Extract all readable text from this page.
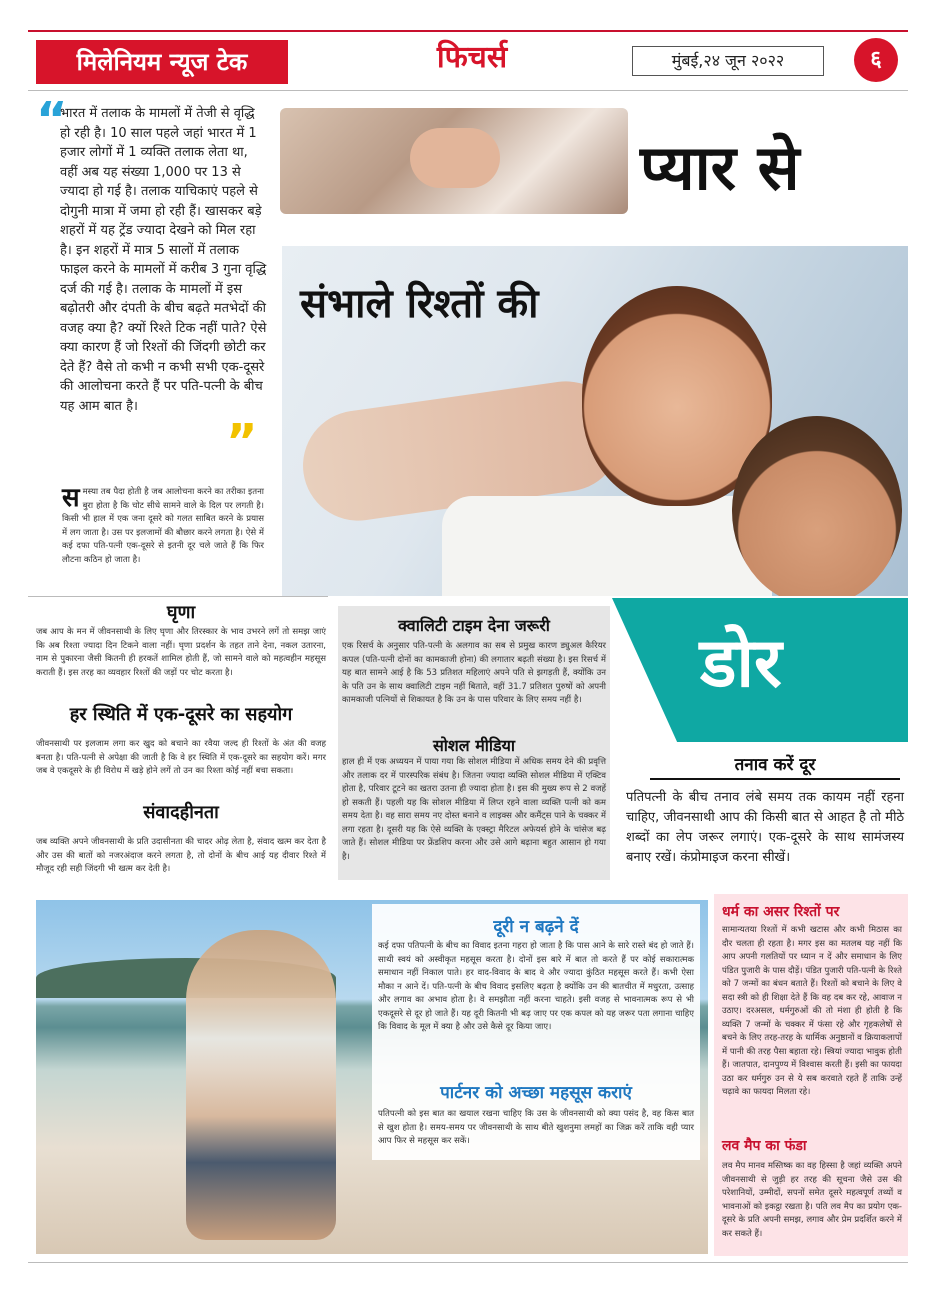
मिलेनियम न्यूज टेक	फिचर्स	मुंबई,२४ जून २०२२	६
“
भारत में तलाक के मामलों में तेजी से वृद्धि हो रही है। 10 साल पहले जहां भारत में 1 हजार लोगों में 1 व्यक्ति तलाक लेता था, वहीं अब यह संख्या 1,000 पर 13 से ज्यादा हो गई है। तलाक याचिकाएं पहले से दोगुनी मात्रा में जमा हो रही हैं। खासकर बड़े शहरों में यह ट्रेंड ज्यादा देखने को मिल रहा है। इन शहरों में मात्र 5 सालों में तलाक फाइल करने के मामलों में करीब 3 गुना वृद्धि दर्ज की गई है। तलाक के मामलों में इस बढ़ोतरी और दंपती के बीच बढ़ते मतभेदों की वजह क्या है? क्यों रिश्ते टिक नहीं पाते? ऐसे क्या कारण हैं जो रिश्तों की जिंदगी छोटी कर देते हैं? वैसे तो कभी न कभी सभी एक-दूसरे की आलोचना करते हैं पर पति-पत्नी के बीच यह आम बात है।
”
प्यार से
संभाले रिश्तों की
समस्या तब पैदा होती है जब आलोचना करने का तरीका इतना बुरा होता है कि चोट सीधे सामने वाले के दिल पर लगती है। किसी भी हाल में एक जना दूसरे को गलत साबित करने के प्रयास में लग जाता है। उस पर इलजामों की बौछार करने लगता है। ऐसे में कई दफा पति-पत्नी एक-दूसरे से इतनी दूर चले जाते हैं कि फिर लौटना कठिन हो जाता है।
घृणा
जब आप के मन में जीवनसाथी के लिए घृणा और तिरस्कार के भाव उभरने लगें तो समझ जाएं कि अब रिश्ता ज्यादा दिन टिकने वाला नहीं। घृणा प्रदर्शन के तहत ताने देना, नकल उतारना, नाम से पुकारना जैसी कितनी ही हरकतें शामिल होती हैं, जो सामने वाले को महत्वहीन महसूस कराती हैं। इस तरह का व्यवहार रिश्तों की जड़ों पर चोट करता है।
हर स्थिति में एक-दूसरे का सहयोग
जीवनसाथी पर इलजाम लगा कर खुद को बचाने का रवैया जल्द ही रिश्तों के अंत की वजह बनता है। पति-पत्नी से अपेक्षा की जाती है कि वे हर स्थिति में एक-दूसरे का सहयोग करें। मगर जब वे एकदूसरे के ही विरोध में खड़े होने लगें तो उन का रिश्ता कोई नहीं बचा सकता।
संवादहीनता
जब व्यक्ति अपने जीवनसाथी के प्रति उदासीनता की चादर ओढ़ लेता है, संवाद खत्म कर देता है और उस की बातों को नजरअंदाज करने लगता है, तो दोनों के बीच आई यह दीवार रिश्ते में मौजूद रही सही जिंदगी भी खत्म कर देती है।
क्वालिटी टाइम देना जरूरी
एक रिसर्च के अनुसार पति-पत्नी के अलगाव का सब से प्रमुख कारण ड्युअल कैरियर कपल (पति-पत्नी दोनों का कामकाजी होना) की लगातार बढ़ती संख्या है। इस रिसर्च में यह बात सामने आई है कि 53 प्रतिशत महिलाएं अपने पति से झगड़ती हैं, क्योंकि उन के पति उन के साथ क्वालिटी टाइम नहीं बिताते, वहीं 31.7 प्रतिशत पुरुषों को अपनी कामकाजी पत्नियों से शिकायत है कि उन के पास परिवार के लिए समय नहीं है।
सोशल मीडिया
हाल ही में एक अध्ययन में पाया गया कि सोशल मीडिया में अधिक समय देने की प्रवृत्ति और तलाक दर में पारस्परिक संबंध है। जितना ज्यादा व्यक्ति सोशल मीडिया में एक्टिव होता है, परिवार टूटने का खतरा उतना ही ज्यादा होता है। इस की मुख्य रूप से 2 वजहें हो सकती हैं। पहली यह कि सोशल मीडिया में लिप्त रहने वाला व्यक्ति पत्नी को कम समय देता है। वह सारा समय नए दोस्त बनाने व लाइक्स और कमैंट्स पाने के चक्कर में लगा रहता है। दूसरी यह कि ऐसे व्यक्ति के एक्स्ट्रा मैरिटल अफेयर्स होने के चांसेज बढ़ जाते हैं। सोशल मीडिया पर फ्रेंडशिप करना और उसे आगे बढ़ाना बहुत आसान हो गया है।
डोर
तनाव करें दूर
पतिपत्नी के बीच तनाव लंबे समय तक कायम नहीं रहना चाहिए, जीवनसाथी आप की किसी बात से आहत है तो मीठे शब्दों का लेप जरूर लगाएं। एक-दूसरे के साथ सामंजस्य बनाए रखें। कंप्रोमाइज करना सीखें।
दूरी न बढ़ने दें
कई दफा पतिपत्नी के बीच का विवाद इतना गहरा हो जाता है कि पास आने के सारे रास्ते बंद हो जाते हैं। साथी स्वयं को अस्वीकृत महसूस करता है। दोनों इस बारे में बात तो करते हैं पर कोई सकारात्मक समाधान नहीं निकाल पाते। हर वाद-विवाद के बाद वे और ज्यादा कुंठित महसूस करते हैं। कभी ऐसा मौका न आने दें। पति-पत्नी के बीच विवाद इसलिए बढ़ता है क्योंकि उन की बातचीत में मधुरता, उत्साह और लगाव का अभाव होता है। वे समझौता नहीं करना चाहते। इसी वजह से भावनात्मक रूप से भी एकदूसरे से दूर हो जाते हैं। यह दूरी कितनी भी बढ़ जाए पर एक कपल को यह जरूर पता लगाना चाहिए कि विवाद के मूल में क्या है और उसे कैसे दूर किया जाए।
पार्टनर को अच्छा महसूस कराएं
पतिपत्नी को इस बात का खयाल रखना चाहिए कि उस के जीवनसाथी को क्या पसंद है, वह किस बात से खुश होता है। समय-समय पर जीवनसाथी के साथ बीते खुशनुमा लमहों का जिक्र करें ताकि वही प्यार आप फिर से महसूस कर सकें।
धर्म का असर रिश्तों पर
सामान्यतया रिश्तों में कभी खटास और कभी मिठास का दौर चलता ही रहता है। मगर इस का मतलब यह नहीं कि आप अपनी गलतियों पर ध्यान न दें और समाधान के लिए पंडित पुजारी के पास दौड़ें। पंडित पुजारी पति-पत्नी के रिश्ते को 7 जन्मों का बंधन बताते हैं। रिश्तों को बचाने के लिए वे सदा स्त्री को ही शिक्षा देते हैं कि वह दब कर रहे, आवाज न उठाए। दरअसल, धर्मगुरुओं की तो मंशा ही होती है कि व्यक्ति 7 जन्मों के चक्कर में फंसा रहे और गृहकलेषों से बचने के लिए तरह-तरह के धार्मिक अनुष्ठानों व क्रियाकलापों में पानी की तरह पैसा बहाता रहे। स्त्रियां ज्यादा भावुक होती हैं। जातपात, दानपुण्य में विश्वास करती हैं। इसी का फायदा उठा कर धर्मगुरु उन से ये सब करवाते रहते हैं ताकि उन्हें चढ़ावे का फायदा मिलता रहे।
लव मैप का फंडा
लव मैप मानव मस्तिष्क का वह हिस्सा है जहां व्यक्ति अपने जीवनसाथी से जुड़ी हर तरह की सूचना जैसे उस की परेशानियों, उम्मीदों, सपनों समेत दूसरे महत्वपूर्ण तथ्यों व भावनाओं को इकट्ठा रखता है। पति लव मैप का प्रयोग एक-दूसरे के प्रति अपनी समझ, लगाव और प्रेम प्रदर्शित करने में कर सकते हैं।
